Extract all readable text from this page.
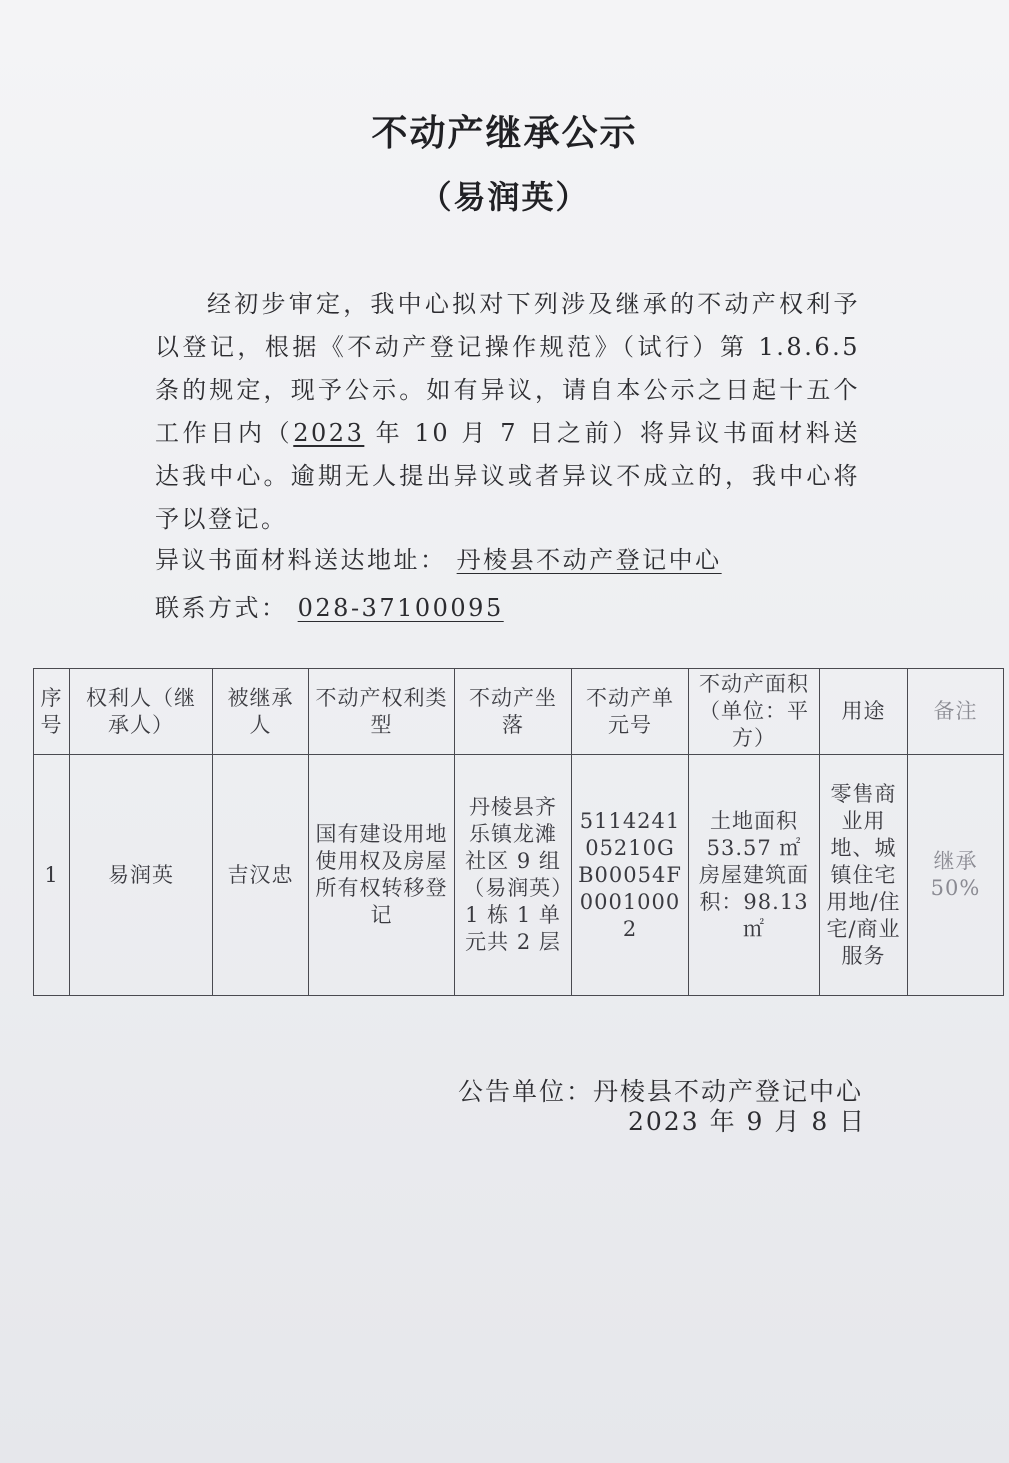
不动产继承公示
（易润英）

经初步审定，我中心拟对下列涉及继承的不动产权利予以登记，根据《不动产登记操作规范》（试行）第 1.8.6.5 条的规定，现予公示。如有异议，请自本公示之日起十五个工作日内（2023 年 10 月 7 日之前）将异议书面材料送达我中心。逾期无人提出异议或者异议不成立的，我中心将予以登记。

异议书面材料送达地址： 丹棱县不动产登记中心
联系方式： 028-37100095
序号	权利人（继承人）	被继承人	不动产权利类型	不动产坐落	不动产单元号	不动产面积（单位：平方）	用途	备注
1	易润英	吉汉忠	国有建设用地使用权及房屋所有权转移登记	丹棱县齐乐镇龙滩社区 9 组（易润英）1 栋 1 单元共 2 层	511424105210GB00054F00010002	土地面积 53.57 ㎡ 房屋建筑面积：98.13 ㎡	零售商业用地、城镇住宅用地/住宅/商业服务	继承 50%
公告单位：丹棱县不动产登记中心
2023 年 9 月 8 日
